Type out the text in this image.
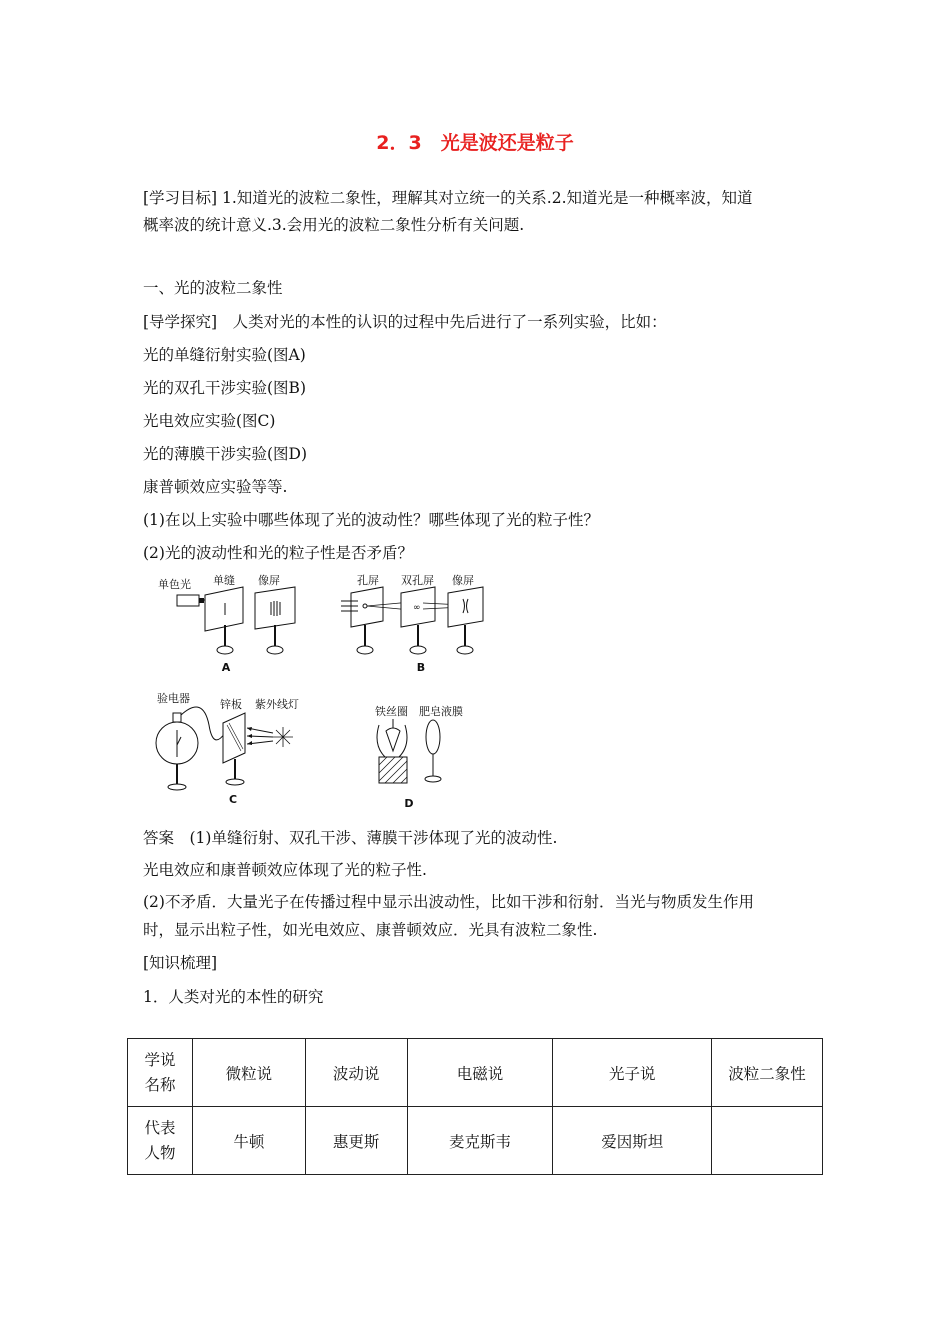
2．3　光是波还是粒子
[学习目标] 1.知道光的波粒二象性，理解其对立统一的关系.2.知道光是一种概率波，知道
概率波的统计意义.3.会用光的波粒二象性分析有关问题.
一、光的波粒二象性
[导学探究]　人类对光的本性的认识的过程中先后进行了一系列实验，比如：
光的单缝衍射实验(图A)
光的双孔干涉实验(图B)
光电效应实验(图C)
光的薄膜干涉实验(图D)
康普顿效应实验等等.
(1)在以上实验中哪些体现了光的波动性？哪些体现了光的粒子性？
(2)光的波动性和光的粒子性是否矛盾？
单色光 单缝 像屏
A
孔屏 双孔屏 像屏
∞
B
验电器	锌板 紫外线灯
C
铁丝圈 肥皂液膜
D
答案　(1)单缝衍射、双孔干涉、薄膜干涉体现了光的波动性.
光电效应和康普顿效应体现了光的粒子性.
(2)不矛盾．大量光子在传播过程中显示出波动性，比如干涉和衍射．当光与物质发生作用
时，显示出粒子性，如光电效应、康普顿效应．光具有波粒二象性.
[知识梳理]
1．人类对光的本性的研究
学说
名称	微粒说	波动说	电磁说	光子说	波粒二象性

代表
人物	牛顿	惠更斯	麦克斯韦	爱因斯坦	
